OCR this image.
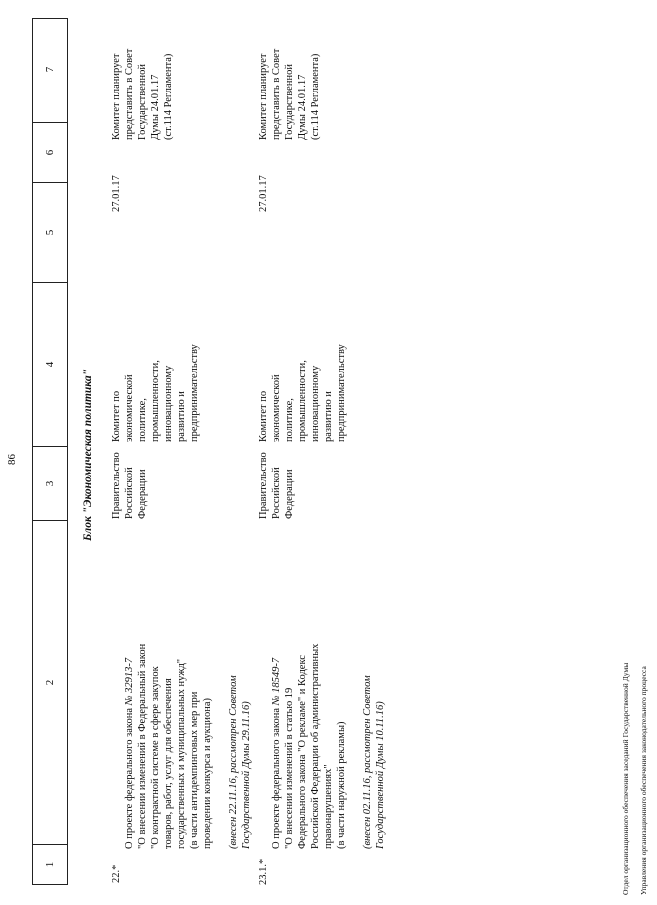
86
1
2
3
4
5
6
7
Блок "Экономическая политика"
22.*

О проекте федерального закона № 32913-7

"О внесении изменений в Федеральный закон
"О контрактной системе в сфере закупок
товаров, работ, услуг для обеспечения
государственных и муниципальных нужд"
(в части антидемпинговых мер при
проведении конкурса и аукциона)

(внесен 22.11.16, рассмотрен Советом
Государственной Думы 29.11.16)

Правительство
Российской
Федерации
Комитет по
экономической
политике,
промышленности,
инновационному
развитию и
предпринимательству
27.01.17
Комитет планирует
представить в Совет
Государственной
Думы 24.01.17
(ст.114 Регламента)
23.1.*

О проекте федерального закона № 18549-7

"О внесении изменений в статью 19
Федерального закона "О рекламе" и Кодекс
Российской Федерации об административных
правонарушениях"
(в части наружной рекламы)

(внесен 02.11.16, рассмотрен Советом
Государственной Думы 10.11.16)

Правительство
Российской
Федерации
Комитет по
экономической
политике,
промышленности,
инновационному
развитию и
предпринимательству
27.01.17
Комитет планирует
представить в Совет
Государственной
Думы 24.01.17
(ст.114 Регламента)

Отдел организационного обеспечения заседаний Государственной Думы Управления организационного обеспечения законодательного процесса
